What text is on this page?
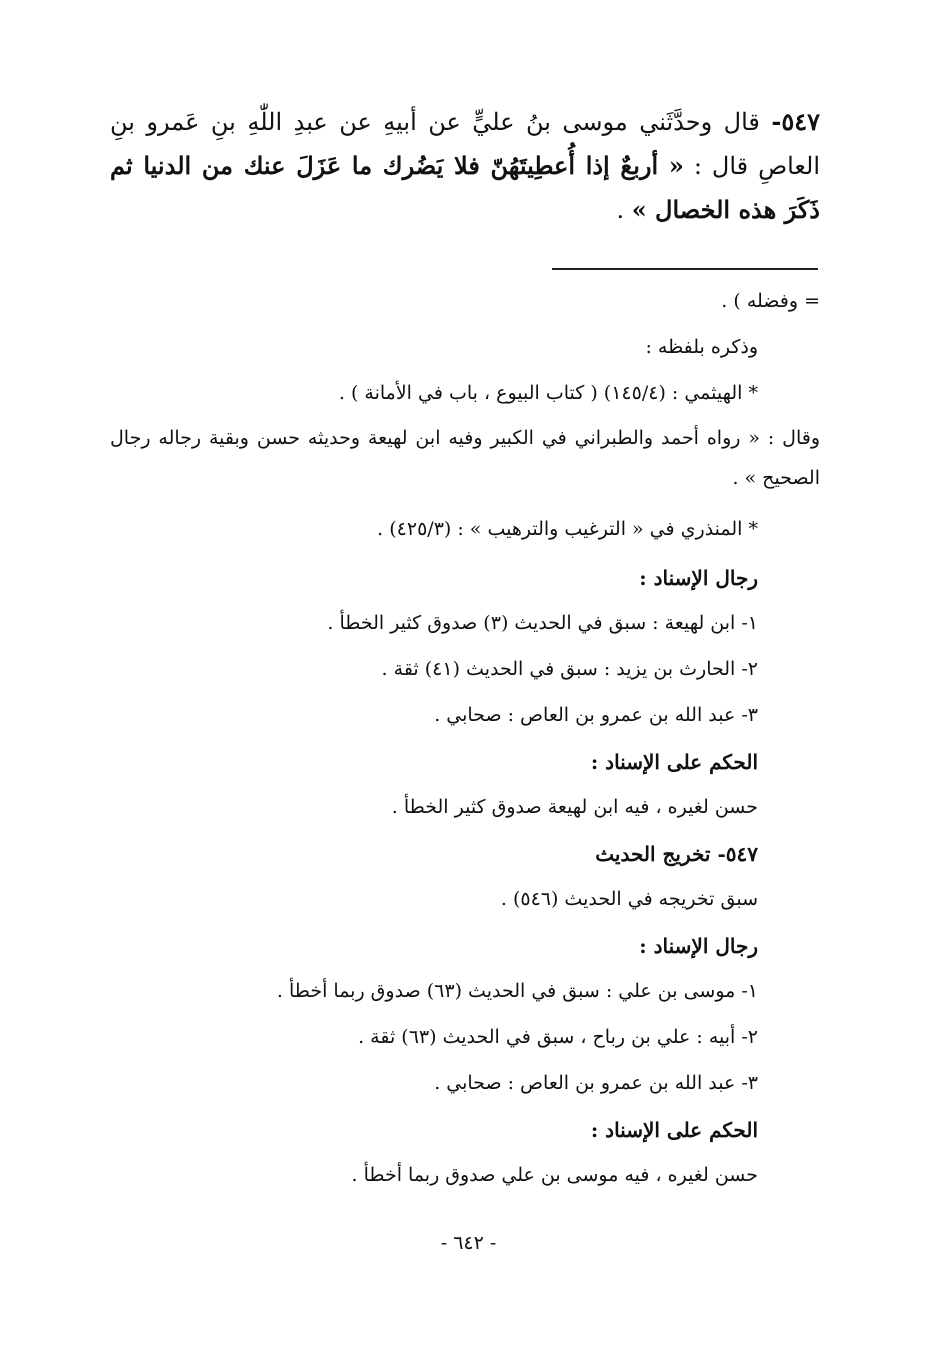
٥٤٧- قال وحدَّثَني موسى بنُ عليٍّ عن أبيهِ عن عبدِ اللّٰهِ بنِ عَمرو بنِ العاصِ قال : « أربعٌ إذا أُعطِيتَهُنّ فلا يَضُرك ما عَزَلَ عنك من الدنيا ثم ذَكَرَ هذه الخصال » .
= وفضله ) .
وذكره بلفظه :
* الهيثمي : (١٤٥/٤) ( كتاب البيوع ، باب في الأمانة ) .
وقال : « رواه أحمد والطبراني في الكبير وفيه ابن لهيعة وحديثه حسن وبقية رجاله رجال الصحيح » .
* المنذري في « الترغيب والترهيب » : (٤٢٥/٣) .
رجال الإسناد :
١- ابن لهيعة : سبق في الحديث (٣) صدوق كثير الخطأ .
٢- الحارث بن يزيد : سبق في الحديث (٤١) ثقة .
٣- عبد الله بن عمرو بن العاص : صحابي .
الحكم على الإسناد :
حسن لغيره ، فيه ابن لهيعة صدوق كثير الخطأ .
٥٤٧- تخريج الحديث
سبق تخريجه في الحديث (٥٤٦) .
رجال الإسناد :
١- موسى بن علي : سبق في الحديث (٦٣) صدوق ربما أخطأ .
٢- أبيه : علي بن رباح ، سبق في الحديث (٦٣) ثقة .
٣- عبد الله بن عمرو بن العاص : صحابي .
الحكم على الإسناد :
حسن لغيره ، فيه موسى بن علي صدوق ربما أخطأ .
- ٦٤٢ -
